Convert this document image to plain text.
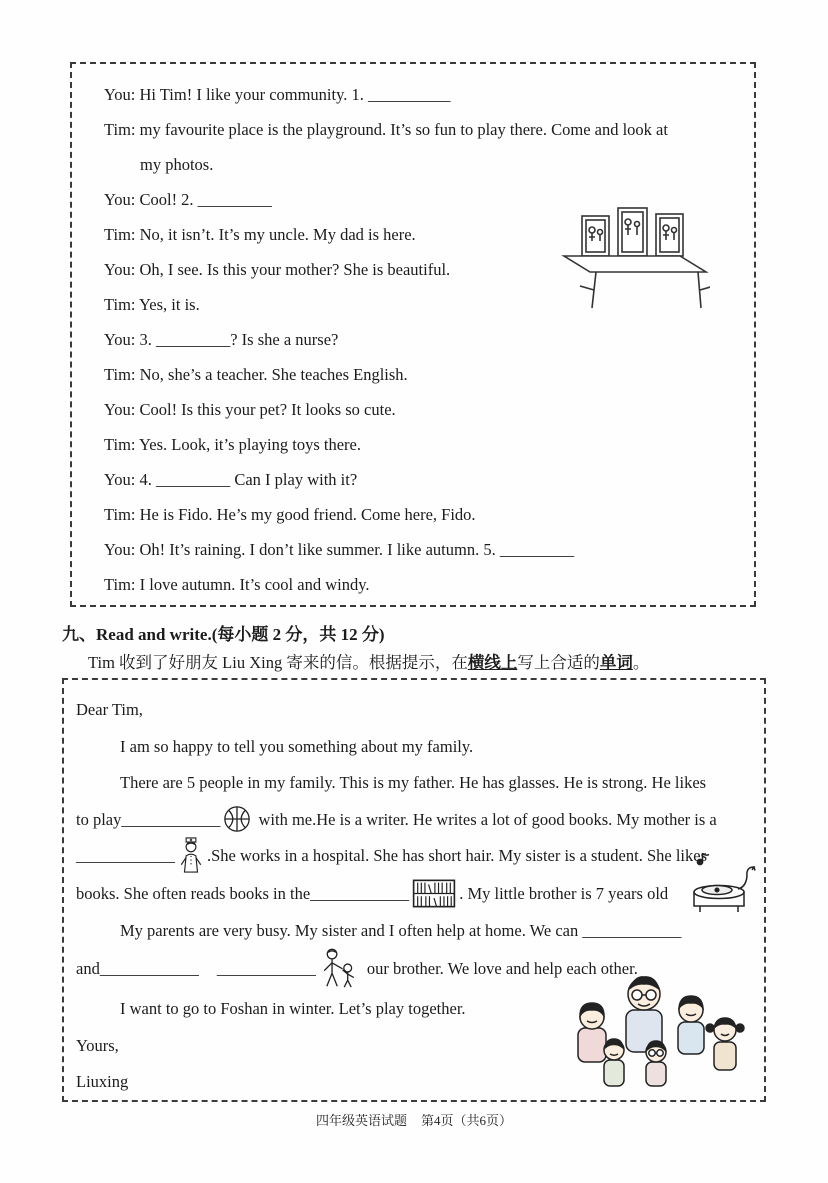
You: Hi Tim! I like your community. 1. __________
Tim: my favourite place is the playground. It’s so fun to play there. Come and look at
my photos.
You: Cool! 2. _________
Tim: No, it isn’t. It’s my uncle. My dad is here.
You: Oh, I see. Is this your mother? She is beautiful.
Tim: Yes, it is.
You: 3. _________? Is she a nurse?
Tim: No, she’s a teacher. She teaches English.
You: Cool! Is this your pet? It looks so cute.
Tim: Yes. Look, it’s playing toys there.
You: 4. _________ Can I play with it?
Tim: He is Fido. He’s my good friend. Come here, Fido.
You: Oh! It’s raining. I don’t like summer. I like autumn. 5. _________
Tim: I love autumn. It’s cool and windy.
九、Read and write.(每小题 2 分，共 12 分)
Tim 收到了好朋友 Liu Xing 寄来的信。根据提示，在横线上写上合适的单词。
Dear Tim,
I am so happy to tell you something about my family.
There are 5 people in my family. This is my father. He has glasses. He is strong. He likes
to play____________ with me.He is a writer. He writes a lot of good books. My mother is a
____________ .She works in a hospital. She has short hair. My sister is a student. She likes
books. She often reads books in the____________	. My little brother is 7 years old
My parents are very busy. My sister and I often help at home. We can ____________
and____________ ____________	our brother. We love and help each other.
I want to go to Foshan in winter. Let’s play together.
Yours,
Liuxing
四年级英语试题 第4页（共6页）
